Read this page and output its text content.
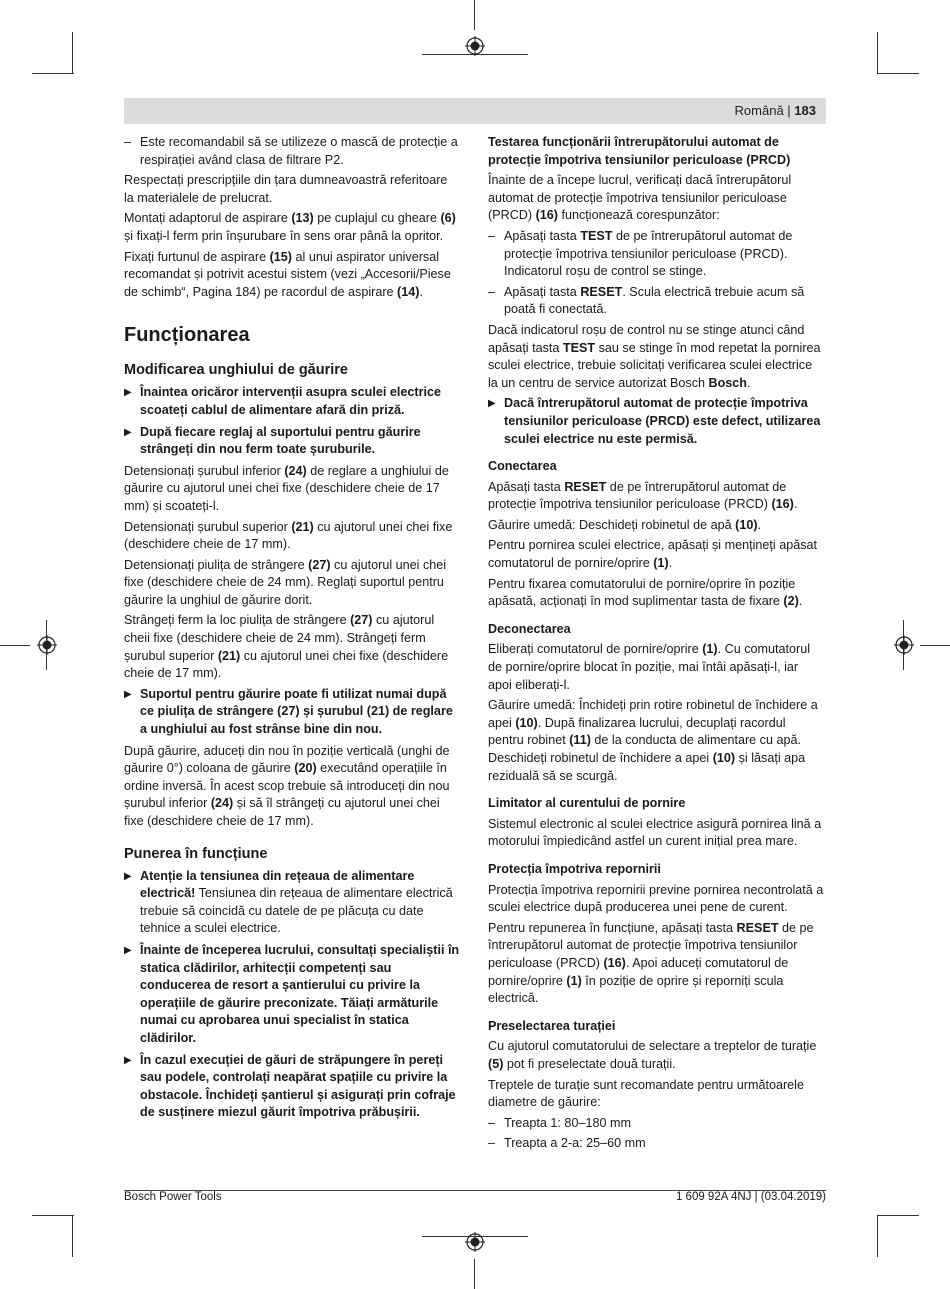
Română | 183
– Este recomandabil să se utilizeze o mască de protecție a respirației având clasa de filtrare P2.

Respectați prescripțiile din țara dumneavoastră referitoare la materialele de prelucrat.

Montați adaptorul de aspirare (13) pe cuplajul cu gheare (6) și fixați-l ferm prin înșurubare în sens orar până la opritor.

Fixați furtunul de aspirare (15) al unui aspirator universal recomandat și potrivit acestui sistem (vezi „Accesorii/Piese de schimb“, Pagina 184) pe racordul de aspirare (14).

Funcționarea
Modificarea unghiului de găurire
▶ Înaintea oricăror intervenții asupra sculei electrice scoateți cablul de alimentare afară din priză.
▶ După fiecare reglaj al suportului pentru găurire strângeți din nou ferm toate șuruburile.

Detensionați șurubul inferior (24) de reglare a unghiului de găurire cu ajutorul unei chei fixe (deschidere cheie de 17 mm) și scoateți-l.

Detensionați șurubul superior (21) cu ajutorul unei chei fixe (deschidere cheie de 17 mm).

Detensionați piulița de strângere (27) cu ajutorul unei chei fixe (deschidere cheie de 24 mm). Reglați suportul pentru găurire la unghiul de găurire dorit.

Strângeți ferm la loc piulița de strângere (27) cu ajutorul cheii fixe (deschidere cheie de 24 mm). Strângeți ferm șurubul superior (21) cu ajutorul unei chei fixe (deschidere cheie de 17 mm).

▶ Suportul pentru găurire poate fi utilizat numai după ce piulița de strângere (27) și șurubul (21) de reglare a unghiului au fost strânse bine din nou.

După găurire, aduceți din nou în poziție verticală (unghi de găurire 0°) coloana de găurire (20) executând operațiile în ordine inversă. În acest scop trebuie să introduceți din nou șurubul inferior (24) și să îl strângeți cu ajutorul unei chei fixe (deschidere cheie de 17 mm).

Punerea în funcțiune
▶ Atenție la tensiunea din rețeaua de alimentare electrică! Tensiunea din rețeaua de alimentare electrică trebuie să coincidă cu datele de pe plăcuța cu date tehnice a sculei electrice.
▶ Înainte de începerea lucrului, consultați specialiștii în statica clădirilor, arhitecții competenți sau conducerea de resort a șantierului cu privire la operațiile de găurire preconizate. Tăiați armăturile numai cu aprobarea unui specialist în statica clădirilor.
▶ În cazul execuției de găuri de străpungere în pereți sau podele, controlați neapărat spațiile cu privire la obstacole. Închideți șantierul și asigurați prin cofraje de susținere miezul găurit împotriva prăbușirii.
Testarea funcționării întrerupătorului automat de protecție împotriva tensiunilor periculoase (PRCD)

Înainte de a începe lucrul, verificați dacă întrerupătorul automat de protecție împotriva tensiunilor periculoase (PRCD) (16) funcționează corespunzător:

– Apăsați tasta TEST de pe întrerupătorul automat de protecție împotriva tensiunilor periculoase (PRCD). Indicatorul roșu de control se stinge.
– Apăsați tasta RESET. Scula electrică trebuie acum să poată fi conectată.

Dacă indicatorul roșu de control nu se stinge atunci când apăsați tasta TEST sau se stinge în mod repetat la pornirea sculei electrice, trebuie solicitați verificarea sculei electrice la un centru de service autorizat Bosch Bosch.

▶ Dacă întrerupătorul automat de protecție împotriva tensiunilor periculoase (PRCD) este defect, utilizarea sculei electrice nu este permisă.
Conectarea

Apăsați tasta RESET de pe întrerupătorul automat de protecție împotriva tensiunilor periculoase (PRCD) (16).

Găurire umedă: Deschideți robinetul de apă (10).

Pentru pornirea sculei electrice, apăsați și mențineți apăsat comutatorul de pornire/oprire (1).

Pentru fixarea comutatorului de pornire/oprire în poziție apăsată, acționați în mod suplimentar tasta de fixare (2).

Deconectarea

Eliberați comutatorul de pornire/oprire (1). Cu comutatorul de pornire/oprire blocat în poziție, mai întâi apăsați-l, iar apoi eliberați-l.

Găurire umedă: Închideți prin rotire robinetul de închidere a apei (10). După finalizarea lucrului, decuplați racordul pentru robinet (11) de la conducta de alimentare cu apă. Deschideți robinetul de închidere a apei (10) și lăsați apa reziduală să se scurgă.

Limitator al curentului de pornire

Sistemul electronic al sculei electrice asigură pornirea lină a motorului împiedicând astfel un curent inițial prea mare.

Protecția împotriva repornirii

Protecția împotriva repornirii previne pornirea necontrolată a sculei electrice după producerea unei pene de curent.

Pentru repunerea în funcțiune, apăsați tasta RESET de pe întrerupătorul automat de protecție împotriva tensiunilor periculoase (PRCD) (16). Apoi aduceți comutatorul de pornire/oprire (1) în poziție de oprire și reporniți scula electrică.

Preselectarea turației

Cu ajutorul comutatorului de selectare a treptelor de turație (5) pot fi preselectate două turații.

Treptele de turație sunt recomandate pentru următoarele diametre de găurire:

– Treapta 1: 80–180 mm
– Treapta a 2-a: 25–60 mm
Bosch Power Tools	1 609 92A 4NJ | (03.04.2019)
